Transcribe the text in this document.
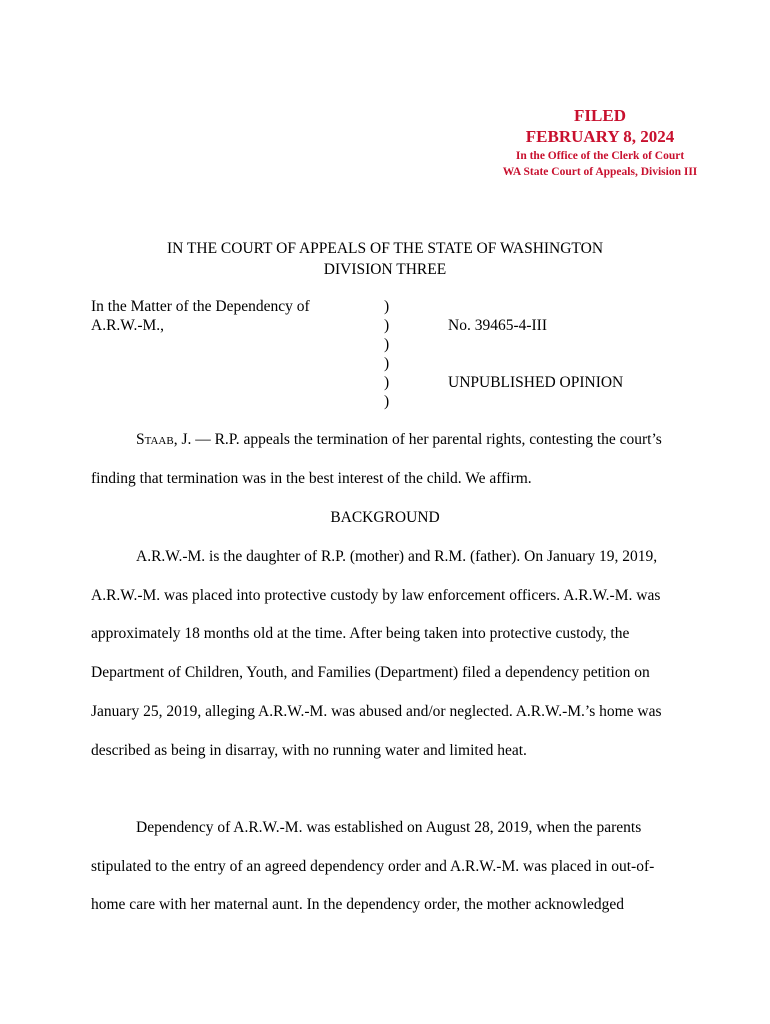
FILED
FEBRUARY 8, 2024
In the Office of the Clerk of Court
WA State Court of Appeals, Division III
IN THE COURT OF APPEALS OF THE STATE OF WASHINGTON
DIVISION THREE
In the Matter of the Dependency of
A.R.W.-M.,
)
)
)
)
)
)
No. 39465-4-III
UNPUBLISHED OPINION

Staab, J. — R.P. appeals the termination of her parental rights, contesting the court’s finding that termination was in the best interest of the child. We affirm.

BACKGROUND

A.R.W.-M. is the daughter of R.P. (mother) and R.M. (father). On January 19, 2019, A.R.W.-M. was placed into protective custody by law enforcement officers. A.R.W.-M. was approximately 18 months old at the time. After being taken into protective custody, the Department of Children, Youth, and Families (Department) filed a dependency petition on January 25, 2019, alleging A.R.W.-M. was abused and/or neglected. A.R.W.-M.’s home was described as being in disarray, with no running water and limited heat.

Dependency of A.R.W.-M. was established on August 28, 2019, when the parents stipulated to the entry of an agreed dependency order and A.R.W.-M. was placed in out-of-home care with her maternal aunt. In the dependency order, the mother acknowledged
